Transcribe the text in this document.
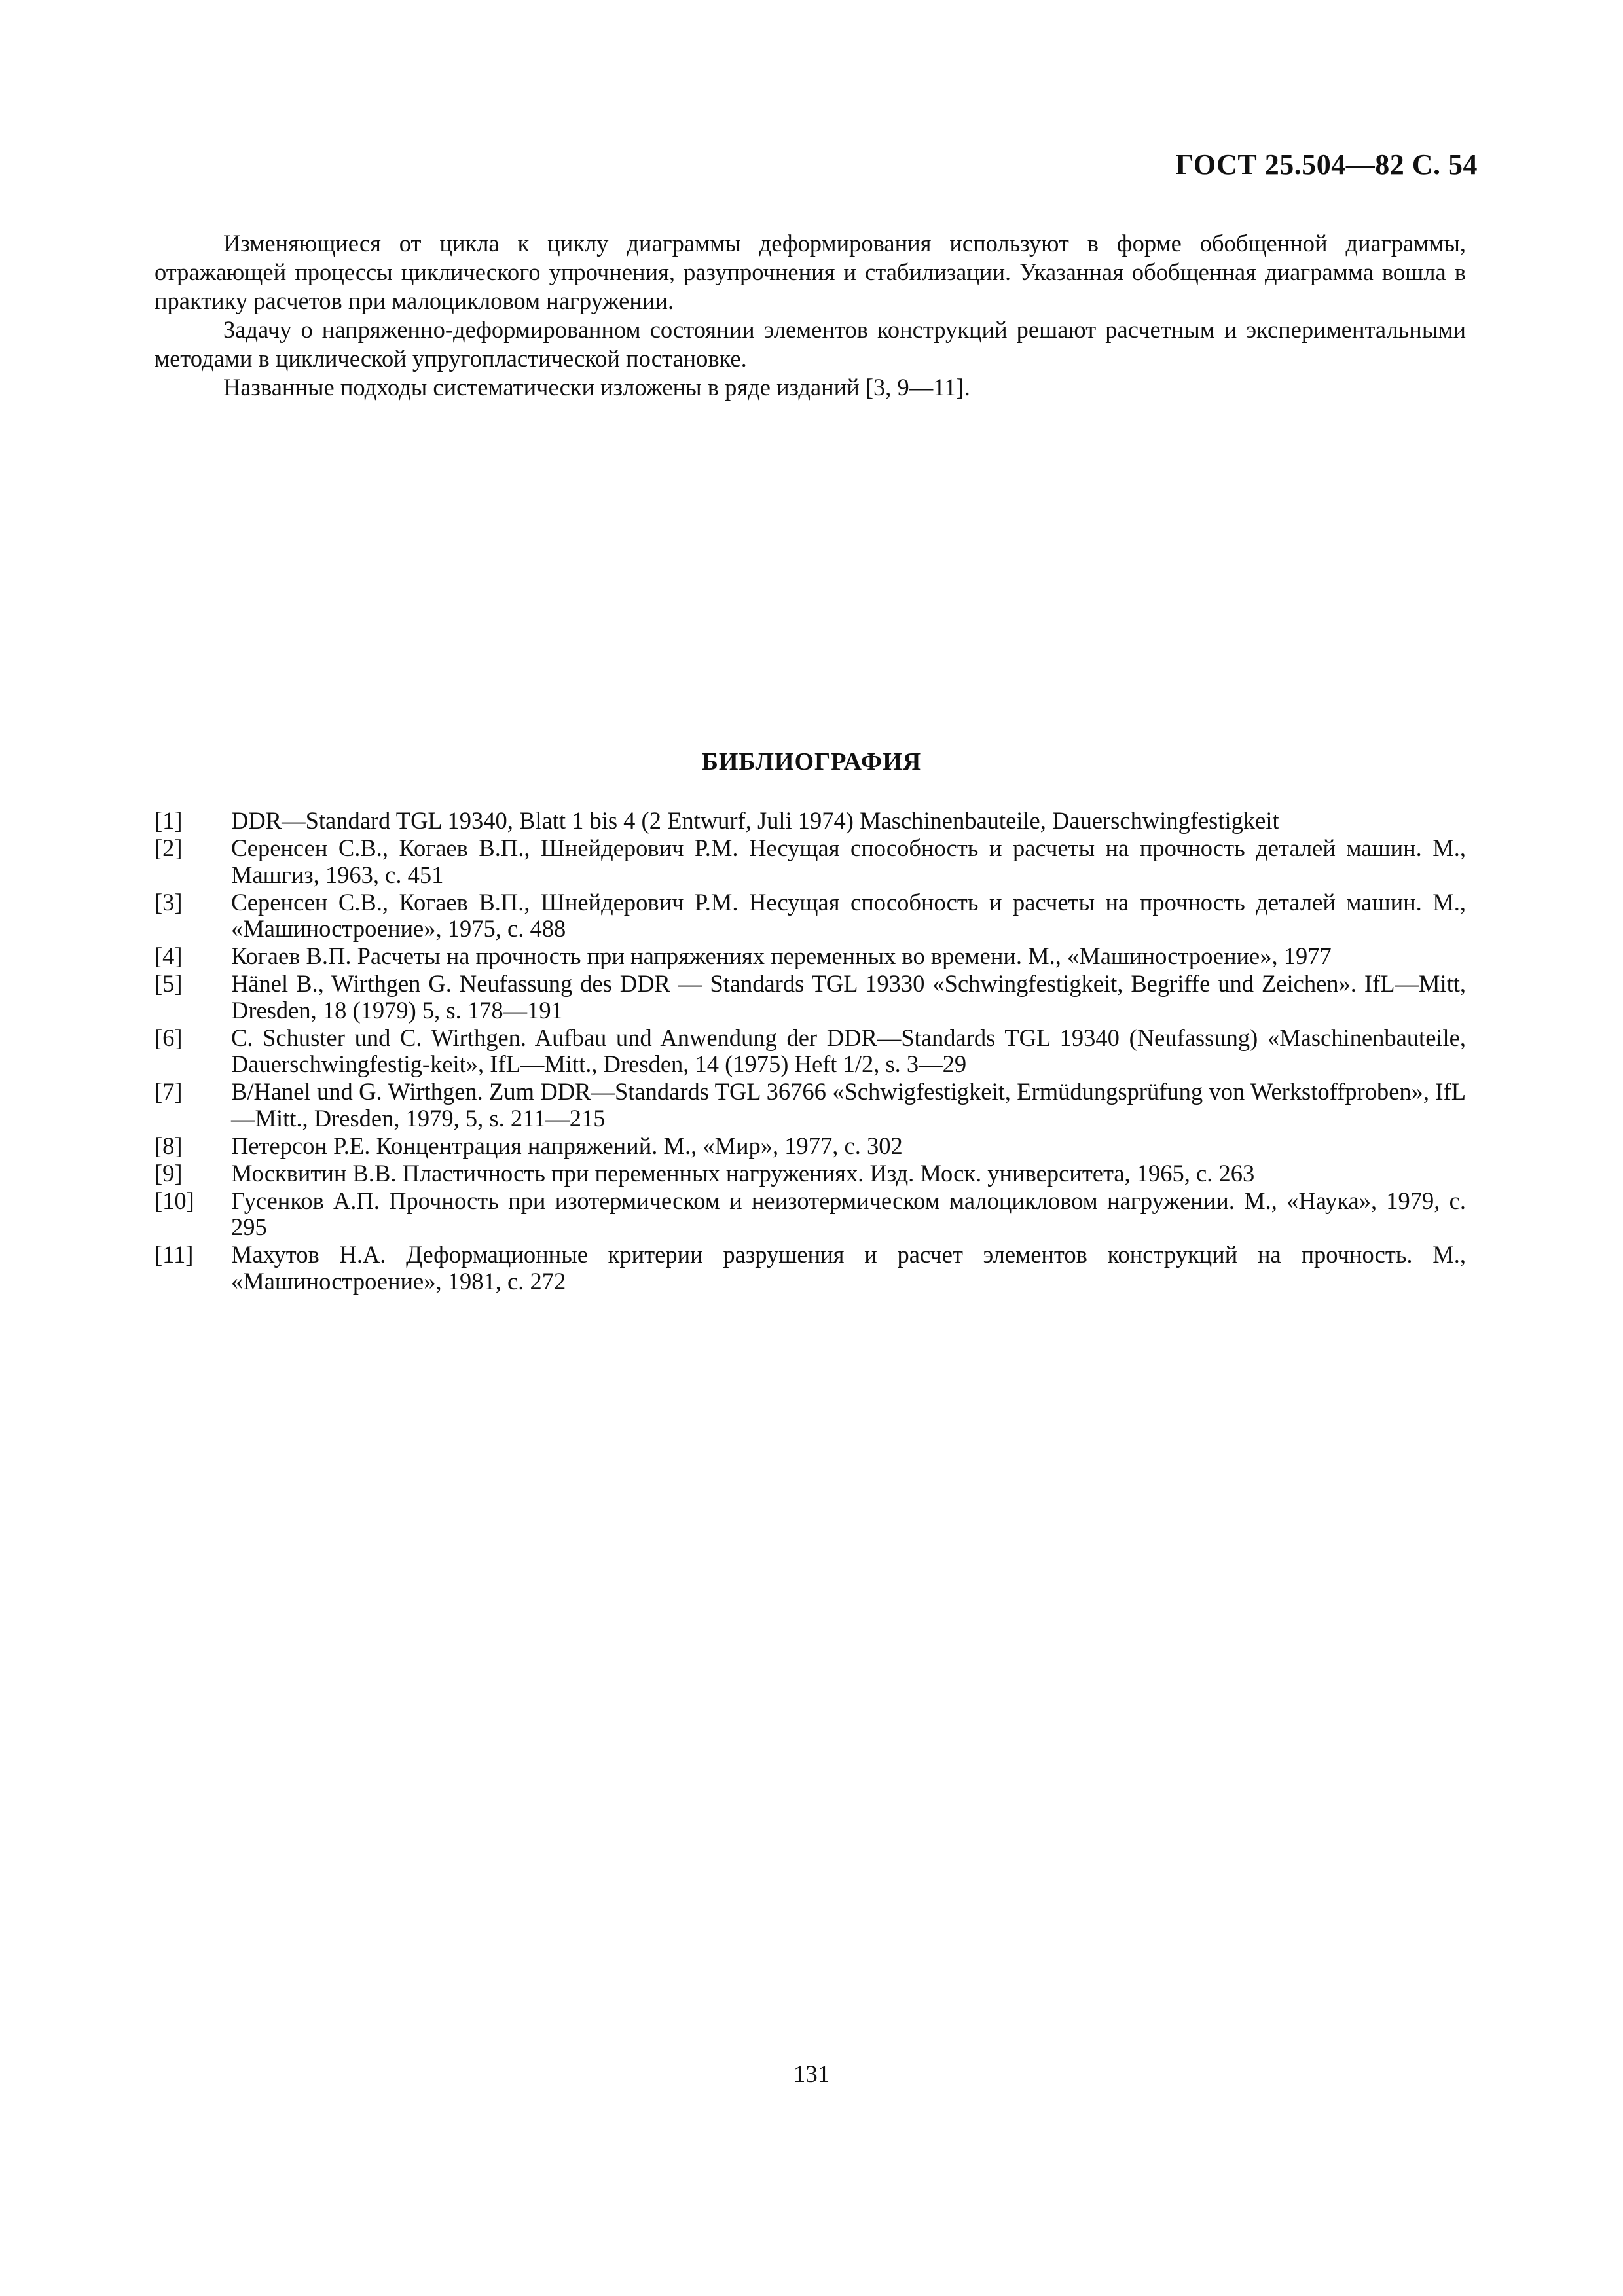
ГОСТ 25.504—82 С. 54

Изменяющиеся от цикла к циклу диаграммы деформирования используют в форме обобщенной диаграммы, отражающей процессы циклического упрочнения, разупрочнения и стабилизации. Указанная обобщенная диаграмма вошла в практику расчетов при малоцикловом нагружении.

Задачу о напряженно-деформированном состоянии элементов конструкций решают расчетным и экспериментальными методами в циклической упругопластической постановке.

Названные подходы систематически изложены в ряде изданий [3, 9—11].

БИБЛИОГРАФИЯ
[1]	DDR—Standard TGL 19340, Blatt 1 bis 4 (2 Entwurf, Juli 1974) Maschinenbauteile, Dauerschwingfestigkeit
[2]	Серенсен С.В., Когаев В.П., Шнейдерович Р.М. Несущая способность и расчеты на прочность деталей машин. М., Машгиз, 1963, с. 451
[3]	Серенсен С.В., Когаев В.П., Шнейдерович Р.М. Несущая способность и расчеты на прочность деталей машин. М., «Машиностроение», 1975, с. 488
[4]	Когаев В.П. Расчеты на прочность при напряжениях переменных во времени. М., «Машиностроение», 1977
[5]	Hänel B., Wirthgen G. Neufassung des DDR — Standards TGL 19330 «Schwingfestigkeit, Begriffe und Zeichen». IfL—Mitt, Dresden, 18 (1979) 5, s. 178—191
[6]	C. Schuster und C. Wirthgen. Aufbau und Anwendung der DDR—Standards TGL 19340 (Neufassung) «Maschinenbauteile, Dauerschwingfestig-keit», IfL—Mitt., Dresden, 14 (1975) Heft 1/2, s. 3—29
[7]	B/Hanel und G. Wirthgen. Zum DDR—Standards TGL 36766 «Schwigfestigkeit, Ermüdungsprüfung von Werkstoffproben», IfL—Mitt., Dresden, 1979, 5, s. 211—215
[8]	Петерсон Р.Е. Концентрация напряжений. М., «Мир», 1977, с. 302
[9]	Москвитин В.В. Пластичность при переменных нагружениях. Изд. Моск. университета, 1965, с. 263
[10]	Гусенков А.П. Прочность при изотермическом и неизотермическом малоцикловом нагружении. М., «Наука», 1979, с. 295
[11]	Махутов Н.А. Деформационные критерии разрушения и расчет элементов конструкций на прочность. М., «Машиностроение», 1981, с. 272
131
